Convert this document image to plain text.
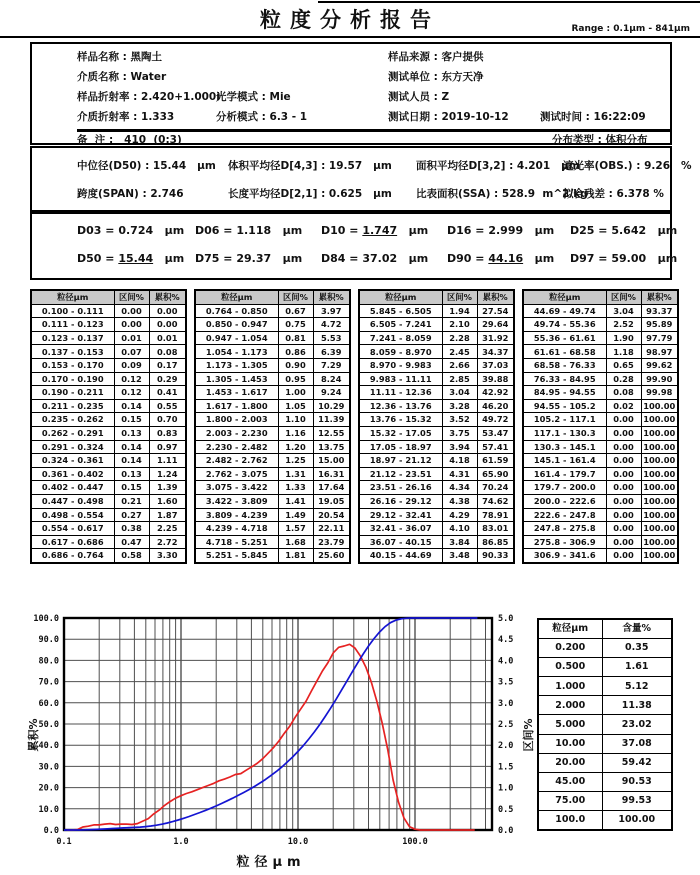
粒度分析报告	Range : 0.1μm - 841μm
样品名称 : 黑陶土	样品来源 : 客户提供
介质名称 : Water	测试单位 : 东方天净
样品折射率 : 2.420+1.000i
光学模式 : Mie	测试人员 : Z
介质折射率 : 1.333	分析模式 : 6.3 - 1	测试日期 : 2019-10-12	测试时间 : 16:22:09
备  注 :   410  (0:3)	分布类型 : 体积分布
中位径(D50) : 15.44   μm 体积平均径D[4,3] : 19.57   μm 面积平均径D[3,2] : 4.201   μm
遮光率(OBS.) : 9.26   %
跨度(SPAN) : 2.746	长度平均径D[2,1] : 0.625   μm 比表面积(SSA) : 528.9  m^2/kg
拟合残差 : 6.378 %
D03 = 0.724   μm D06 = 1.118   μm D10 = 1.747   μm D16 = 2.999   μm D25 = 5.642   μm
D50 = 15.44   μm D75 = 29.37   μm D84 = 37.02   μm D90 = 44.16   μm D97 = 59.00   μm
粒径μm	区间%	累积%
0.100 - 0.111	0.00	0.00
0.111 - 0.123	0.00	0.00
0.123 - 0.137	0.01	0.01
0.137 - 0.153	0.07	0.08
0.153 - 0.170	0.09	0.17
0.170 - 0.190	0.12	0.29
0.190 - 0.211	0.12	0.41
0.211 - 0.235	0.14	0.55
0.235 - 0.262	0.15	0.70
0.262 - 0.291	0.13	0.83
0.291 - 0.324	0.14	0.97
0.324 - 0.361	0.14	1.11
0.361 - 0.402	0.13	1.24
0.402 - 0.447	0.15	1.39
0.447 - 0.498	0.21	1.60
0.498 - 0.554	0.27	1.87
0.554 - 0.617	0.38	2.25
0.617 - 0.686	0.47	2.72
0.686 - 0.764	0.58	3.30
粒径μm	区间%	累积%
0.764 - 0.850	0.67	3.97
0.850 - 0.947	0.75	4.72
0.947 - 1.054	0.81	5.53
1.054 - 1.173	0.86	6.39
1.173 - 1.305	0.90	7.29
1.305 - 1.453	0.95	8.24
1.453 - 1.617	1.00	9.24
1.617 - 1.800	1.05	10.29
1.800 - 2.003	1.10	11.39
2.003 - 2.230	1.16	12.55
2.230 - 2.482	1.20	13.75
2.482 - 2.762	1.25	15.00
2.762 - 3.075	1.31	16.31
3.075 - 3.422	1.33	17.64
3.422 - 3.809	1.41	19.05
3.809 - 4.239	1.49	20.54
4.239 - 4.718	1.57	22.11
4.718 - 5.251	1.68	23.79
5.251 - 5.845	1.81	25.60
粒径μm	区间%	累积%
5.845 - 6.505	1.94	27.54
6.505 - 7.241	2.10	29.64
7.241 - 8.059	2.28	31.92
8.059 - 8.970	2.45	34.37
8.970 - 9.983	2.66	37.03
9.983 - 11.11	2.85	39.88
11.11 - 12.36	3.04	42.92
12.36 - 13.76	3.28	46.20
13.76 - 15.32	3.52	49.72
15.32 - 17.05	3.75	53.47
17.05 - 18.97	3.94	57.41
18.97 - 21.12	4.18	61.59
21.12 - 23.51	4.31	65.90
23.51 - 26.16	4.34	70.24
26.16 - 29.12	4.38	74.62
29.12 - 32.41	4.29	78.91
32.41 - 36.07	4.10	83.01
36.07 - 40.15	3.84	86.85
40.15 - 44.69	3.48	90.33
粒径μm	区间%	累积%
44.69 - 49.74	3.04	93.37
49.74 - 55.36	2.52	95.89
55.36 - 61.61	1.90	97.79
61.61 - 68.58	1.18	98.97
68.58 - 76.33	0.65	99.62
76.33 - 84.95	0.28	99.90
84.95 - 94.55	0.08	99.98
94.55 - 105.2	0.02	100.00
105.2 - 117.1	0.00	100.00
117.1 - 130.3	0.00	100.00
130.3 - 145.1	0.00	100.00
145.1 - 161.4	0.00	100.00
161.4 - 179.7	0.00	100.00
179.7 - 200.0	0.00	100.00
200.0 - 222.6	0.00	100.00
222.6 - 247.8	0.00	100.00
247.8 - 275.8	0.00	100.00
275.8 - 306.9	0.00	100.00
306.9 - 341.6	0.00	100.00
100.0
90.0
80.0
70.0
60.0
50.0
40.0
30.0
20.0
10.0
0.0
5.0
4.5
4.0
3.5
3.0
2.5
2.0
1.5
1.0
0.5
0.0
0.1	1.0	10.0	100.0
累积%	区间%
粒径μm
粒径μm	含量%
0.200	0.35
0.500	1.61
1.000	5.12
2.000	11.38
5.000	23.02
10.00	37.08
20.00	59.42
45.00	90.53
75.00	99.53
100.0	100.00
